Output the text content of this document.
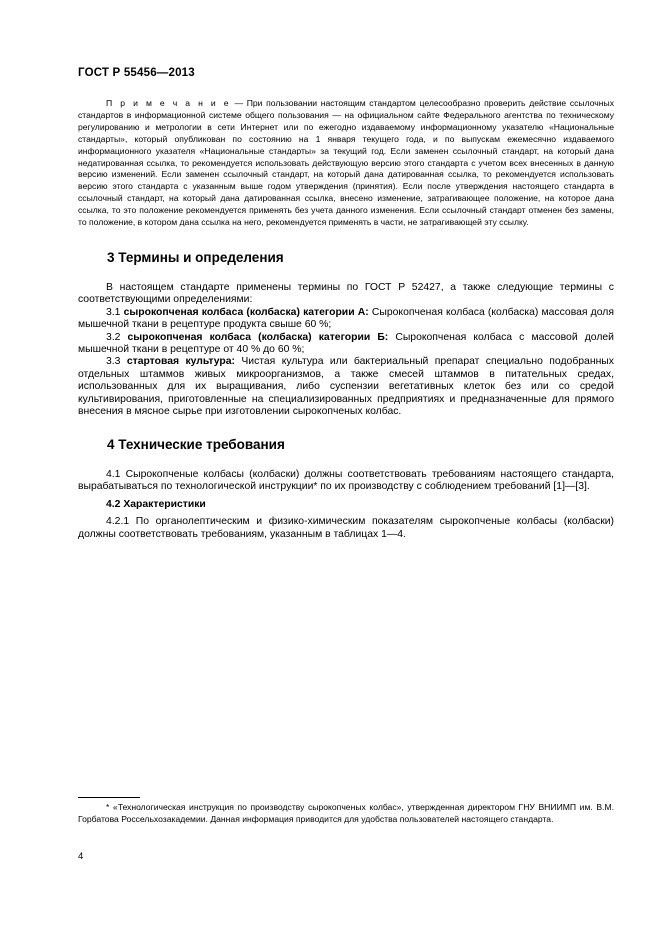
ГОСТ Р 55456—2013

П р и м е ч а н и е — При пользовании настоящим стандартом целесообразно проверить действие ссылочных стандартов в информационной системе общего пользования — на официальном сайте Федерального агентства по техническому регулированию и метрологии в сети Интернет или по ежегодно издаваемому информационному указателю «Национальные стандарты», который опубликован по состоянию на 1 января текущего года, и по выпускам ежемесячно издаваемого информационного указателя «Национальные стандарты» за текущий год. Если заменен ссылочный стандарт, на который дана недатированная ссылка, то рекомендуется использовать действующую версию этого стандарта с учетом всех внесенных в данную версию изменений. Если заменен ссылочный стандарт, на который дана датированная ссылка, то рекомендуется использовать версию этого стандарта с указанным выше годом утверждения (принятия). Если после утверждения настоящего стандарта в ссылочный стандарт, на который дана датированная ссылка, внесено изменение, затрагивающее положение, на которое дана ссылка, то это положение рекомендуется применять без учета данного изменения. Если ссылочный стандарт отменен без замены, то положение, в котором дана ссылка на него, рекомендуется применять в части, не затрагивающей эту ссылку.

3 Термины и определения

В настоящем стандарте применены термины по ГОСТ Р 52427, а также следующие термины с соответствующими определениями:

3.1 сырокопченая колбаса (колбаска) категории А: Сырокопченая колбаса (колбаска) массовая доля мышечной ткани в рецептуре продукта свыше 60 %;

3.2 сырокопченая колбаса (колбаска) категории Б: Сырокопченая колбаса с массовой долей мышечной ткани в рецептуре от 40 % до 60 %;

3.3 стартовая культура: Чистая культура или бактериальный препарат специально подобранных отдельных штаммов живых микроорганизмов, а также смесей штаммов в питательных средах, использованных для их выращивания, либо суспензии вегетативных клеток без или со средой культивирования, приготовленные на специализированных предприятиях и предназначенные для прямого внесения в мясное сырье при изготовлении сырокопченых колбас.

4 Технические требования

4.1 Сырокопченые колбасы (колбаски) должны соответствовать требованиям настоящего стандарта, вырабатываться по технологической инструкции* по их производству с соблюдением требований [1]—[3].

4.2 Характеристики

4.2.1 По органолептическим и физико-химическим показателям сырокопченые колбасы (колбаски) должны соответствовать требованиям, указанным в таблицах 1—4.

* «Технологическая инструкция по производству сырокопченых колбас», утвержденная директором ГНУ ВНИИМП им. В.М. Горбатова Россельхозакадемии. Данная информация приводится для удобства пользователей настоящего стандарта.

4
